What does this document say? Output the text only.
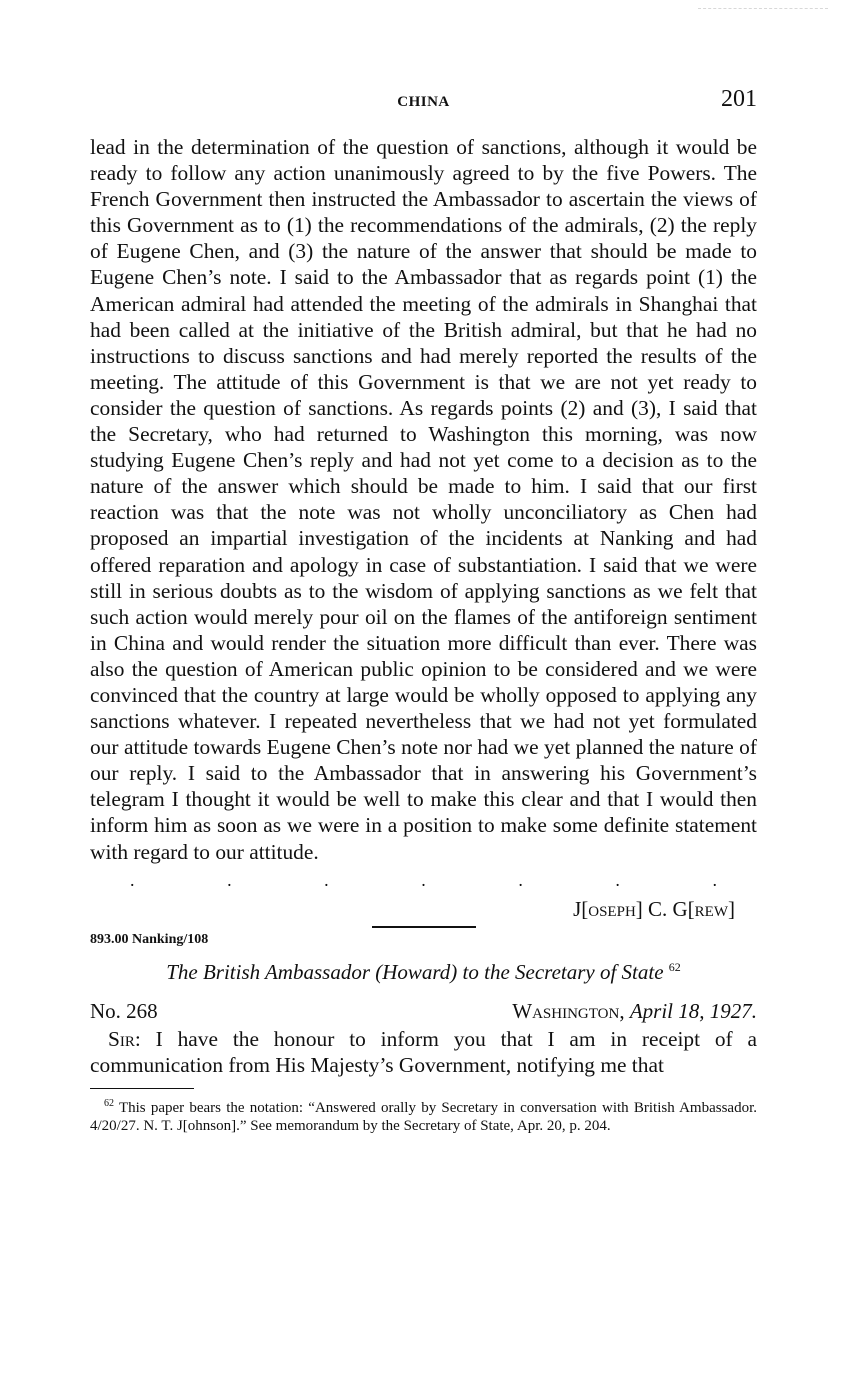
CHINA	201

lead in the determination of the question of sanctions, although it would be ready to follow any action unanimously agreed to by the five Powers. The French Government then instructed the Ambassador to ascertain the views of this Government as to (1) the recommendations of the admirals, (2) the reply of Eugene Chen, and (3) the nature of the answer that should be made to Eugene Chen’s note. I said to the Ambassador that as regards point (1) the American admiral had attended the meeting of the admirals in Shanghai that had been called at the initiative of the British admiral, but that he had no instructions to discuss sanctions and had merely reported the results of the meeting. The attitude of this Government is that we are not yet ready to consider the question of sanctions. As regards points (2) and (3), I said that the Secretary, who had returned to Washington this morning, was now studying Eugene Chen’s reply and had not yet come to a decision as to the nature of the answer which should be made to him. I said that our first reaction was that the note was not wholly unconciliatory as Chen had proposed an impartial investigation of the incidents at Nanking and had offered reparation and apology in case of substantiation. I said that we were still in serious doubts as to the wisdom of applying sanctions as we felt that such action would merely pour oil on the flames of the antiforeign sentiment in China and would render the situation more difficult than ever. There was also the question of American public opinion to be considered and we were convinced that the country at large would be wholly opposed to applying any sanctions whatever. I repeated nevertheless that we had not yet formulated our attitude towards Eugene Chen’s note nor had we yet planned the nature of our reply. I said to the Ambassador that in answering his Government’s telegram I thought it would be well to make this clear and that I would then inform him as soon as we were in a position to make some definite statement with regard to our attitude.

.	.	.	.	.	.	.
J[oseph] C. G[rew]
893.00 Nanking/108
The British Ambassador (Howard) to the Secretary of State $^{62}$
No. 268	Washington, April 18, 1927.

Sir: I have the honour to inform you that I am in receipt of a communication from His Majesty’s Government, notifying me that

$^{62}$ This paper bears the notation: “Answered orally by Secretary in conversation with British Ambassador. 4/20/27. N. T. J[ohnson].” See memorandum by the Secretary of State, Apr. 20, p. 204.
